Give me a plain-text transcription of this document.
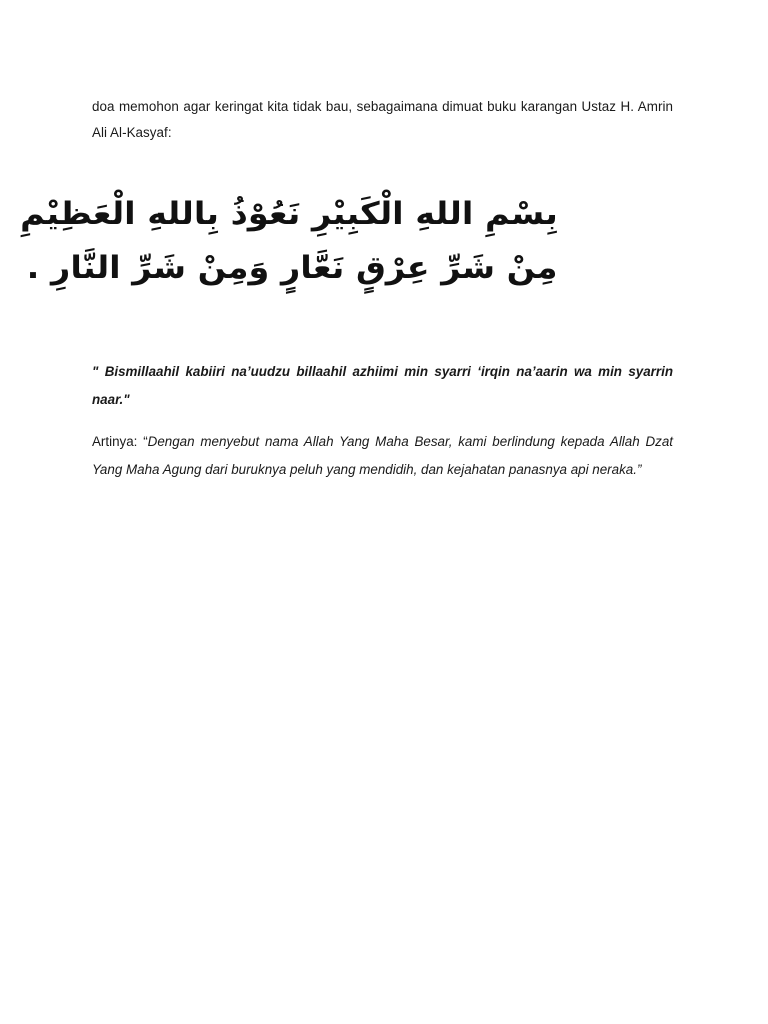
doa memohon agar keringat kita tidak bau, sebagaimana dimuat buku karangan Ustaz H. Amrin Ali Al-Kasyaf:

بِسْمِ اللهِ الْكَبِيْرِ نَعُوْذُ بِاللهِ الْعَظِيْمِ
مِنْ شَرِّ عِرْقٍ نَعَّارٍ وَمِنْ شَرِّ النَّارِ .

" Bismillaahil kabiiri na’uudzu billaahil azhiimi min syarri ‘irqin na’aarin wa min syarrin naar."

Artinya: “Dengan menyebut nama Allah Yang Maha Besar, kami berlindung kepada Allah Dzat Yang Maha Agung dari buruknya peluh yang mendidih, dan kejahatan panasnya api neraka.”
